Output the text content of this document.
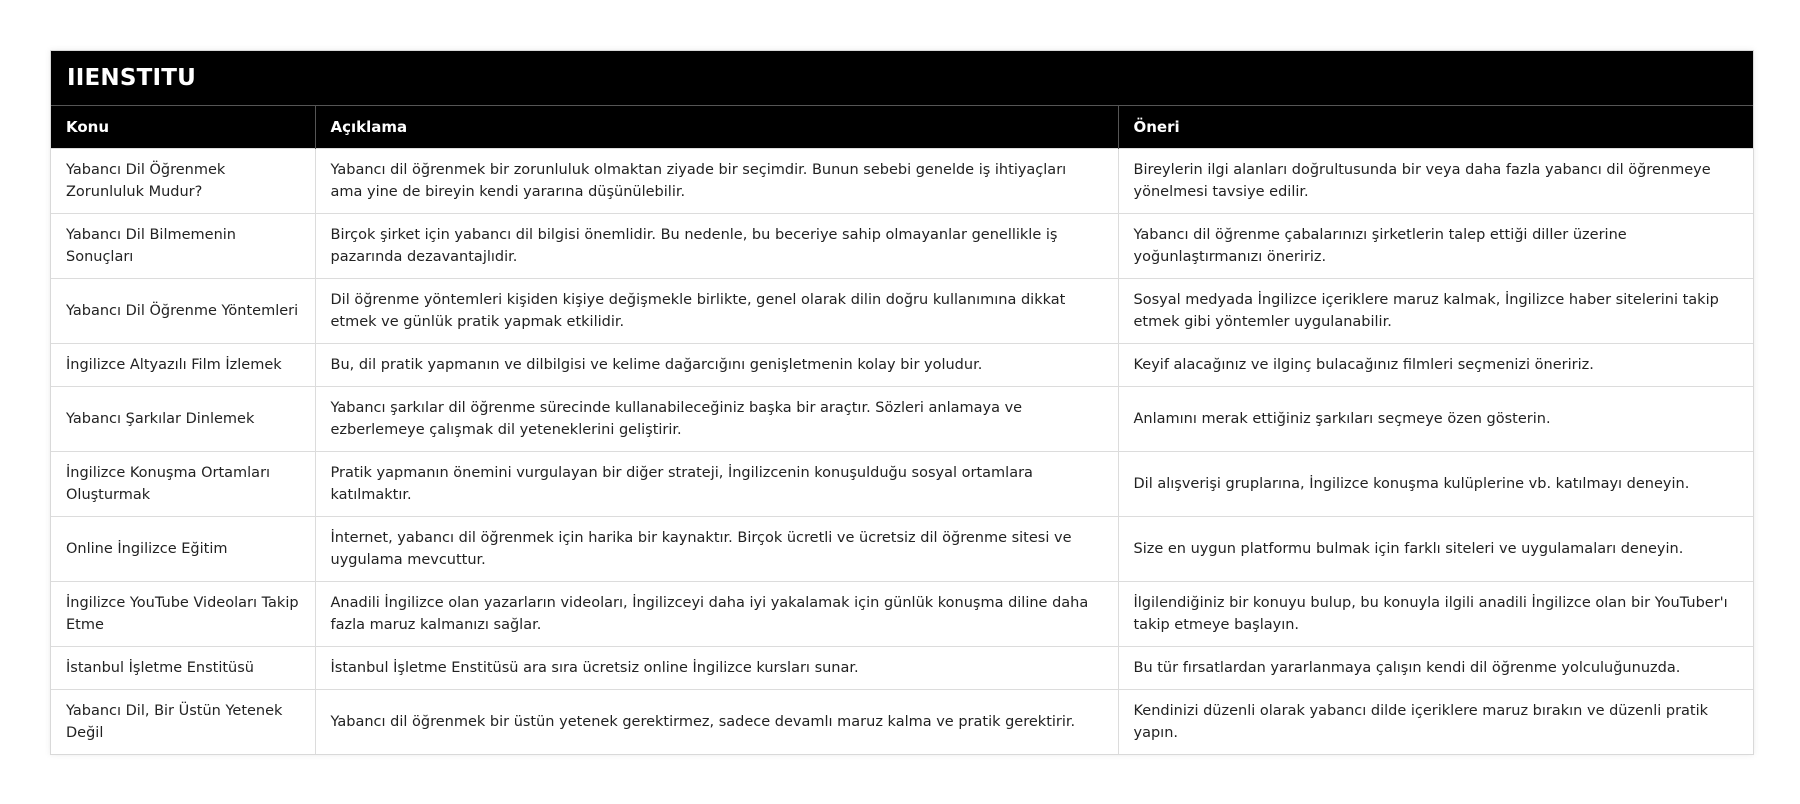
IIENSTITU
Konu	Açıklama	Öneri
Yabancı Dil Öğrenmek Zorunluluk Mudur?	Yabancı dil öğrenmek bir zorunluluk olmaktan ziyade bir seçimdir. Bunun sebebi genelde iş ihtiyaçları ama yine de bireyin kendi yararına düşünülebilir.	Bireylerin ilgi alanları doğrultusunda bir veya daha fazla yabancı dil öğrenmeye yönelmesi tavsiye edilir.
Yabancı Dil Bilmemenin Sonuçları	Birçok şirket için yabancı dil bilgisi önemlidir. Bu nedenle, bu beceriye sahip olmayanlar genellikle iş pazarında dezavantajlıdir.	Yabancı dil öğrenme çabalarınızı şirketlerin talep ettiği diller üzerine yoğunlaştırmanızı öneririz.
Yabancı Dil Öğrenme Yöntemleri	Dil öğrenme yöntemleri kişiden kişiye değişmekle birlikte, genel olarak dilin doğru kullanımına dikkat etmek ve günlük pratik yapmak etkilidir.	Sosyal medyada İngilizce içeriklere maruz kalmak, İngilizce haber sitelerini takip etmek gibi yöntemler uygulanabilir.
İngilizce Altyazılı Film İzlemek	Bu, dil pratik yapmanın ve dilbilgisi ve kelime dağarcığını genişletmenin kolay bir yoludur.	Keyif alacağınız ve ilginç bulacağınız filmleri seçmenizi öneririz.
Yabancı Şarkılar Dinlemek	Yabancı şarkılar dil öğrenme sürecinde kullanabileceğiniz başka bir araçtır. Sözleri anlamaya ve ezberlemeye çalışmak dil yeteneklerini geliştirir.	Anlamını merak ettiğiniz şarkıları seçmeye özen gösterin.
İngilizce Konuşma Ortamları Oluşturmak	Pratik yapmanın önemini vurgulayan bir diğer strateji, İngilizcenin konuşulduğu sosyal ortamlara katılmaktır.	Dil alışverişi gruplarına, İngilizce konuşma kulüplerine vb. katılmayı deneyin.
Online İngilizce Eğitim	İnternet, yabancı dil öğrenmek için harika bir kaynaktır. Birçok ücretli ve ücretsiz dil öğrenme sitesi ve uygulama mevcuttur.	Size en uygun platformu bulmak için farklı siteleri ve uygulamaları deneyin.
İngilizce YouTube Videoları Takip Etme	Anadili İngilizce olan yazarların videoları, İngilizceyi daha iyi yakalamak için günlük konuşma diline daha fazla maruz kalmanızı sağlar.	İlgilendiğiniz bir konuyu bulup, bu konuyla ilgili anadili İngilizce olan bir YouTuber'ı takip etmeye başlayın.
İstanbul İşletme Enstitüsü	İstanbul İşletme Enstitüsü ara sıra ücretsiz online İngilizce kursları sunar.	Bu tür fırsatlardan yararlanmaya çalışın kendi dil öğrenme yolculuğunuzda.
Yabancı Dil, Bir Üstün Yetenek Değil	Yabancı dil öğrenmek bir üstün yetenek gerektirmez, sadece devamlı maruz kalma ve pratik gerektirir.	Kendinizi düzenli olarak yabancı dilde içeriklere maruz bırakın ve düzenli pratik yapın.
